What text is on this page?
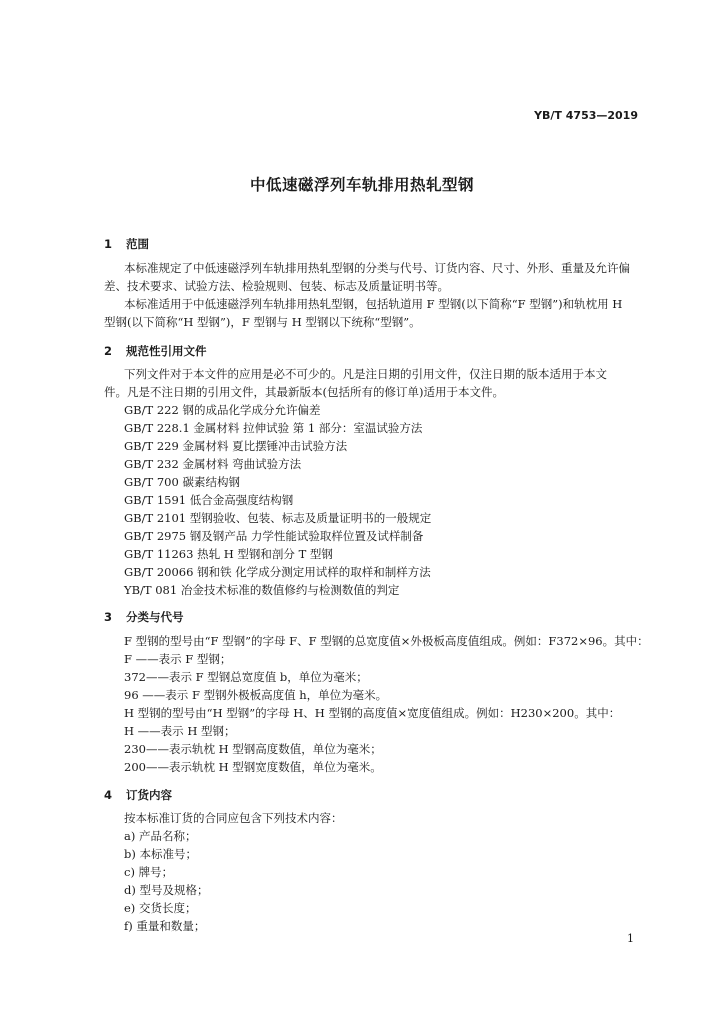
YB/T 4753—2019
中低速磁浮列车轨排用热轧型钢
1 范围
本标准规定了中低速磁浮列车轨排用热轧型钢的分类与代号、订货内容、尺寸、外形、重量及允许偏
差、技术要求、试验方法、检验规则、包装、标志及质量证明书等。
本标准适用于中低速磁浮列车轨排用热轧型钢，包括轨道用 F 型钢(以下简称“F 型钢”)和轨枕用 H
型钢(以下简称“H 型钢”)，F 型钢与 H 型钢以下统称“型钢”。
2 规范性引用文件
下列文件对于本文件的应用是必不可少的。凡是注日期的引用文件，仅注日期的版本适用于本文
件。凡是不注日期的引用文件，其最新版本(包括所有的修订单)适用于本文件。
GB/T 222 钢的成品化学成分允许偏差
GB/T 228.1 金属材料 拉伸试验 第 1 部分：室温试验方法
GB/T 229 金属材料 夏比摆锤冲击试验方法
GB/T 232 金属材料 弯曲试验方法
GB/T 700 碳素结构钢
GB/T 1591 低合金高强度结构钢
GB/T 2101 型钢验收、包装、标志及质量证明书的一般规定
GB/T 2975 钢及钢产品 力学性能试验取样位置及试样制备
GB/T 11263 热轧 H 型钢和剖分 T 型钢
GB/T 20066 钢和铁 化学成分测定用试样的取样和制样方法
YB/T 081 冶金技术标准的数值修约与检测数值的判定
3 分类与代号
F 型钢的型号由“F 型钢”的字母 F、F 型钢的总宽度值×外极板高度值组成。例如：F372×96。其中：
F ——表示 F 型钢；
372——表示 F 型钢总宽度值 b，单位为毫米；
96 ——表示 F 型钢外极板高度值 h，单位为毫米。
H 型钢的型号由“H 型钢”的字母 H、H 型钢的高度值×宽度值组成。例如：H230×200。其中：
H ——表示 H 型钢；
230——表示轨枕 H 型钢高度数值，单位为毫米；
200——表示轨枕 H 型钢宽度数值，单位为毫米。
4 订货内容
按本标准订货的合同应包含下列技术内容：
a) 产品名称；
b) 本标准号；
c) 牌号；
d) 型号及规格；
e) 交货长度；
f) 重量和数量；
1
